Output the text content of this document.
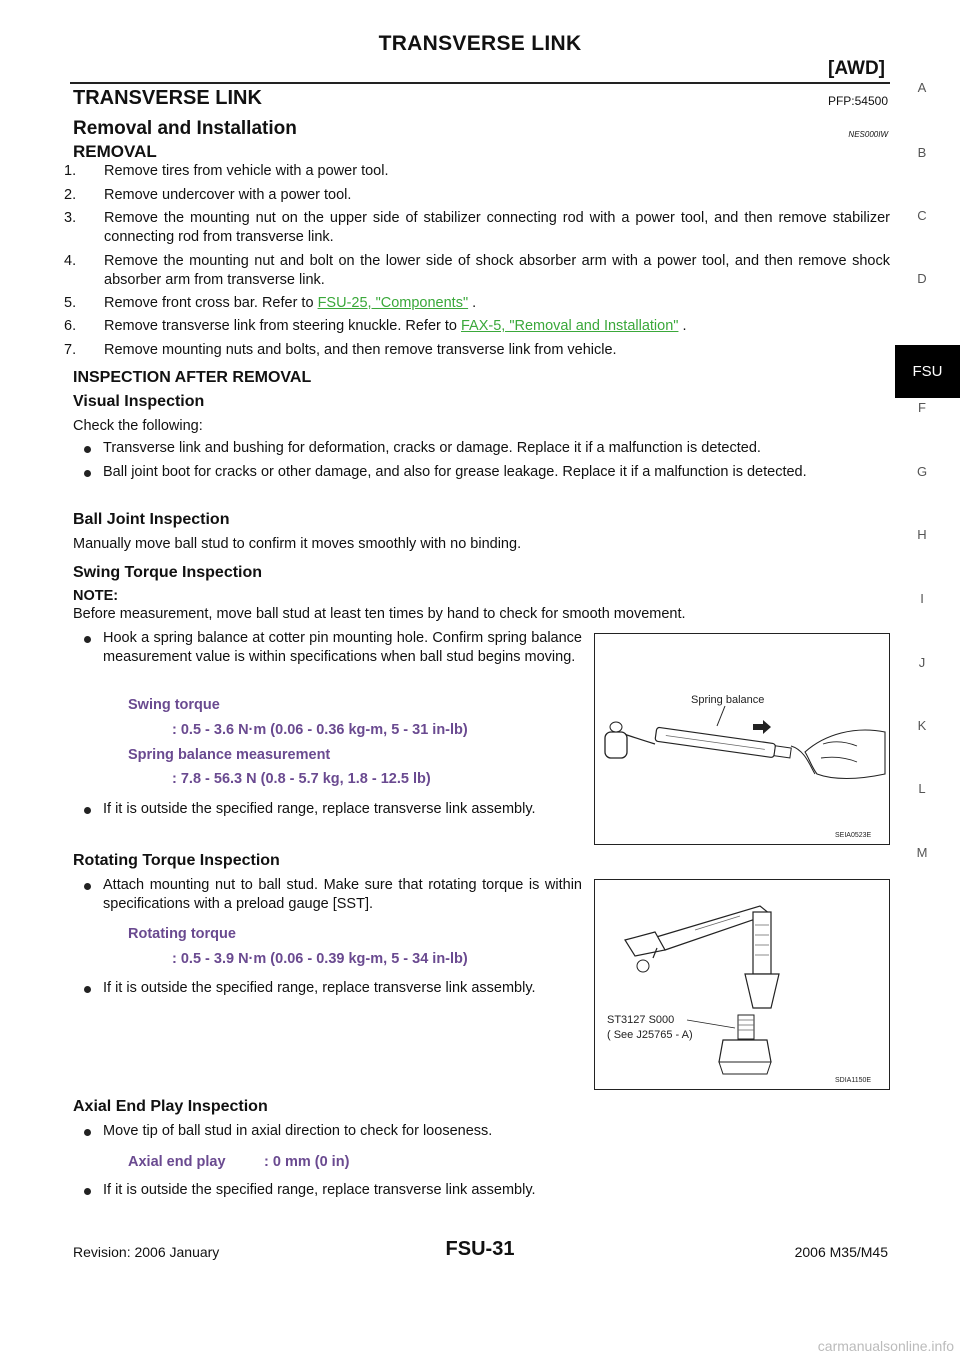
TRANSVERSE LINK
[AWD]
TRANSVERSE LINK	PFP:54500
Removal and Installation	NES000IW
REMOVAL
1. Remove tires from vehicle with a power tool.
2. Remove undercover with a power tool.
3. Remove the mounting nut on the upper side of stabilizer connecting rod with a power tool, and then remove stabilizer connecting rod from transverse link.
4. Remove the mounting nut and bolt on the lower side of shock absorber arm with a power tool, and then remove shock absorber arm from transverse link.
5. Remove front cross bar. Refer to FSU-25, "Components" .
6. Remove transverse link from steering knuckle. Refer to FAX-5, "Removal and Installation" .
7. Remove mounting nuts and bolts, and then remove transverse link from vehicle.
INSPECTION AFTER REMOVAL
Visual Inspection
Check the following:
Transverse link and bushing for deformation, cracks or damage. Replace it if a malfunction is detected.
Ball joint boot for cracks or other damage, and also for grease leakage. Replace it if a malfunction is detected.
Ball Joint Inspection
Manually move ball stud to confirm it moves smoothly with no binding.
Swing Torque Inspection
NOTE:
Before measurement, move ball stud at least ten times by hand to check for smooth movement.
Hook a spring balance at cotter pin mounting hole. Confirm spring balance measurement value is within specifications when ball stud begins moving.
Swing torque
: 0.5 - 3.6 N·m (0.06 - 0.36 kg-m, 5 - 31 in-lb)
Spring balance measurement
: 7.8 - 56.3 N (0.8 - 5.7 kg, 1.8 - 12.5 lb)
If it is outside the specified range, replace transverse link assembly.
Spring balance
SEIA0523E
Rotating Torque Inspection
Attach mounting nut to ball stud. Make sure that rotating torque is within specifications with a preload gauge [SST].
Rotating torque
: 0.5 - 3.9 N·m (0.06 - 0.39 kg-m, 5 - 34 in-lb)
If it is outside the specified range, replace transverse link assembly.
ST3127 S000
( See J25765 - A)
SDIA1150E
Axial End Play Inspection
Move tip of ball stud in axial direction to check for looseness.
Axial end play	: 0 mm (0 in)
If it is outside the specified range, replace transverse link assembly.
A
B
C
D
FSU
F
G
H
I
J
K
L
M
Revision: 2006 January	FSU-31	2006 M35/M45
carmanualsonline.info
